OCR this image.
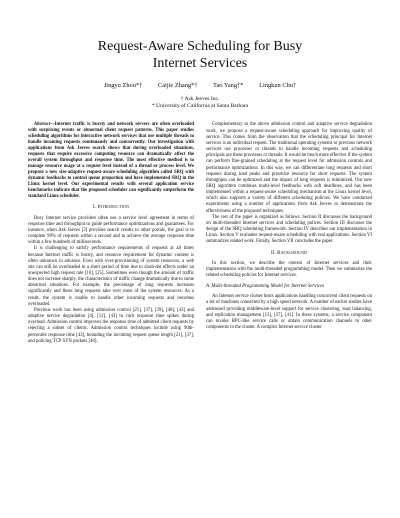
Request-Aware Scheduling for Busy Internet Services
Jingyu Zhou*† Caijie Zhang*† Tao Yang†* Lingkun Chu†
† Ask Jeeves Inc.
* University of California at Santa Barbara

Abstract—Internet traffic is bursty and network servers are often overloaded with surprising events or abnormal client request patterns. This paper studies scheduling algorithms for interactive network services that use multiple threads to handle incoming requests continuously and concurrently. Our investigation with applications from Ask Jeeves search shows that during overloaded situations, requests that require excessive computing resource can dramatically affect the overall system throughput and response time. The most effective method is to manage resource usage at a request level instead of a thread or process level. We propose a new size-adaptive request-aware scheduling algorithm called SRQ with dynamic feedbacks to control queue proportion and have implemented SRQ in the Linux kernel level. Our experimental results with several application service benchmarks indicate that the proposed scheduler can significantly outperform the standard Linux scheduler.

I. Introduction

Busy Internet service providers often use a service level agreement in terms of response time and throughput to guide performance optimizations and guarantees. For instance, when Ask Jeeves [2] provides search results to other portals, the goal is to complete 99% of requests within a second and to achieve the average response time within a few hundreds of milliseconds.

It is challenging to satisfy performance requirements of requests at all times because Internet traffic is bursty, and resource requirement for dynamic content is often unknown in advance. Even with over-provisioning of system resources, a web site can still be overloaded in a short period of time due to slash-dot effects under an unexpected high request rate [10], [25]. Sometimes even though the amount of traffic does not increase sharply, the characteristics of traffic change dramatically due to some abnormal situations. For example, the percentage of long requests increases significantly and these long requests take over most of the system resources. As a result, the system is unable to handle other incoming requests and becomes overloaded.

Previous work has been using admission control [21], [37], [39], [40], [43] and adaptive service degradation [4], [12], [43] to curb response time spikes during overload. Admission control improves the response time of admitted client requests by rejecting a subset of clients. Admission control techniques include using 90th-percentile response time [43], bounding the incoming request queue length [21], [37], and policing TCP SYN packets [40].

Complementary to the above admission control and adaptive service degradation work, we propose a request-aware scheduling approach for improving quality of service. This comes from the observation that the scheduling principal for Internet services is an individual request. The traditional operating systems or previous network services use processes or threads to handle incoming requests and scheduling principals are these processes or threads. It would be much more effective if the system can perform fine-grained scheduling at the request level for admission controls and performance optimizations. In this way, we can differentiate long requests and short requests during load peaks and prioritize resource for short requests. The system throughput can be optimized and the impact of long requests is minimized. Our new SRQ algorithm combines multi-level feedbacks with soft deadlines, and has been implemented within a request-aware scheduling mechanism at the Linux kernel level, which also supports a variety of different scheduling policies. We have conducted experiments using a number of applications from Ask Jeeves to demonstrate the effectiveness of the proposed techniques.

The rest of the paper is organized as follows. Section II discusses the background on multi-threaded Internet services and scheduling polices. Section III discusses the design of the SRQ scheduling framework. Section IV describes our implementation in Linux. Section V evaluates request-aware scheduling with real applications. Section VI summarizes related work. Finally, Section VII concludes the paper.

II. Background

In this section, we describe the context of Internet services and their implementation with the multi-threaded programming model. Then we summarize the related scheduling policies for Internet services.

A. Multi-threaded Programming Model for Internet Services

An Internet service cluster hosts applications handling concurrent client requests on a set of machines connected by a high speed network. A number of earlier studies have addressed providing middleware-level support for service clustering, load balancing, and replication management [13], [37], [41]. In these systems, a service component can invoke RPC-like service calls or obtain communication channels to other components in the cluster. A complex Internet service cluster
